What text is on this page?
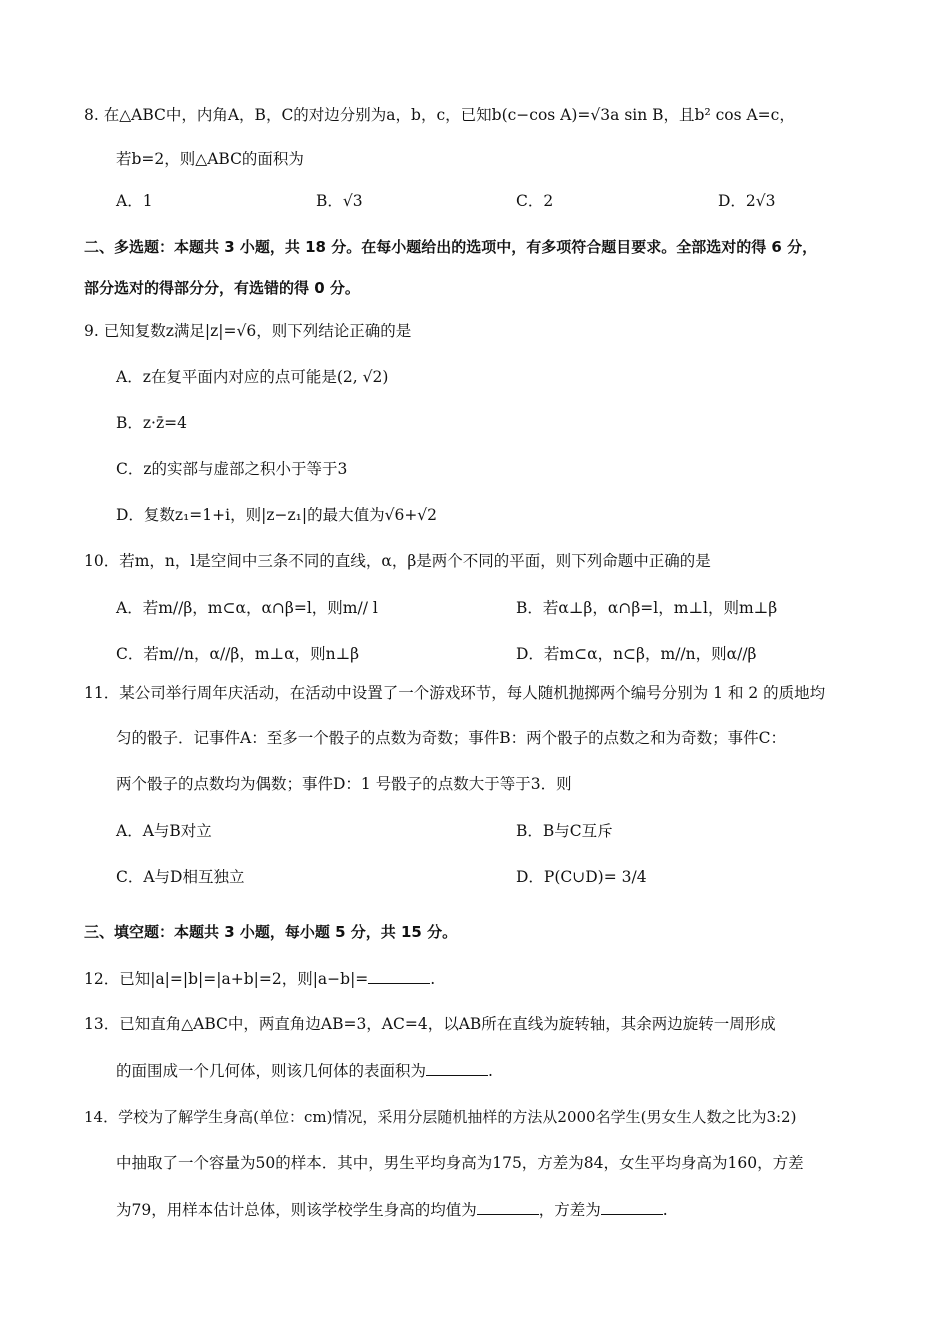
8. 在△ABC中，内角A，B，C的对边分别为a，b，c，已知b(c−cos A)=√3a sin B，且b² cos A=c，
若b=2，则△ABC的面积为
A．1	B．√3	C．2	D．2√3
二、多选题：本题共 3 小题，共 18 分。在每小题给出的选项中，有多项符合题目要求。全部选对的得 6 分，
部分选对的得部分分，有选错的得 0 分。
9. 已知复数z满足|z|=√6，则下列结论正确的是
A．z在复平面内对应的点可能是(2, √2)
B．z·z̄=4
C．z的实部与虚部之积小于等于3
D．复数z₁=1+i，则|z−z₁|的最大值为√6+√2
10．若m，n，l是空间中三条不同的直线，α，β是两个不同的平面，则下列命题中正确的是
A．若m//β，m⊂α，α∩β=l，则m// l	B．若α⊥β，α∩β=l，m⊥l，则m⊥β
C．若m//n，α//β，m⊥α，则n⊥β	D．若m⊂α，n⊂β，m//n，则α//β
11．某公司举行周年庆活动，在活动中设置了一个游戏环节，每人随机抛掷两个编号分别为 1 和 2 的质地均
匀的骰子．记事件A：至多一个骰子的点数为奇数；事件B：两个骰子的点数之和为奇数；事件C：
两个骰子的点数均为偶数；事件D：1 号骰子的点数大于等于3．则
A．A与B对立	B．B与C互斥
C．A与D相互独立	D．P(C∪D)= 3/4
三、填空题：本题共 3 小题，每小题 5 分，共 15 分。
12．已知|a|=|b|=|a+b|=2，则|a−b|=	.
13．已知直角△ABC中，两直角边AB=3，AC=4，以AB所在直线为旋转轴，其余两边旋转一周形成
的面围成一个几何体，则该几何体的表面积为	.
14．学校为了解学生身高(单位：cm)情况，采用分层随机抽样的方法从2000名学生(男女生人数之比为3:2)
中抽取了一个容量为50的样本．其中，男生平均身高为175，方差为84，女生平均身高为160，方差
为79，用样本估计总体，则该学校学生身高的均值为	，方差为	.
